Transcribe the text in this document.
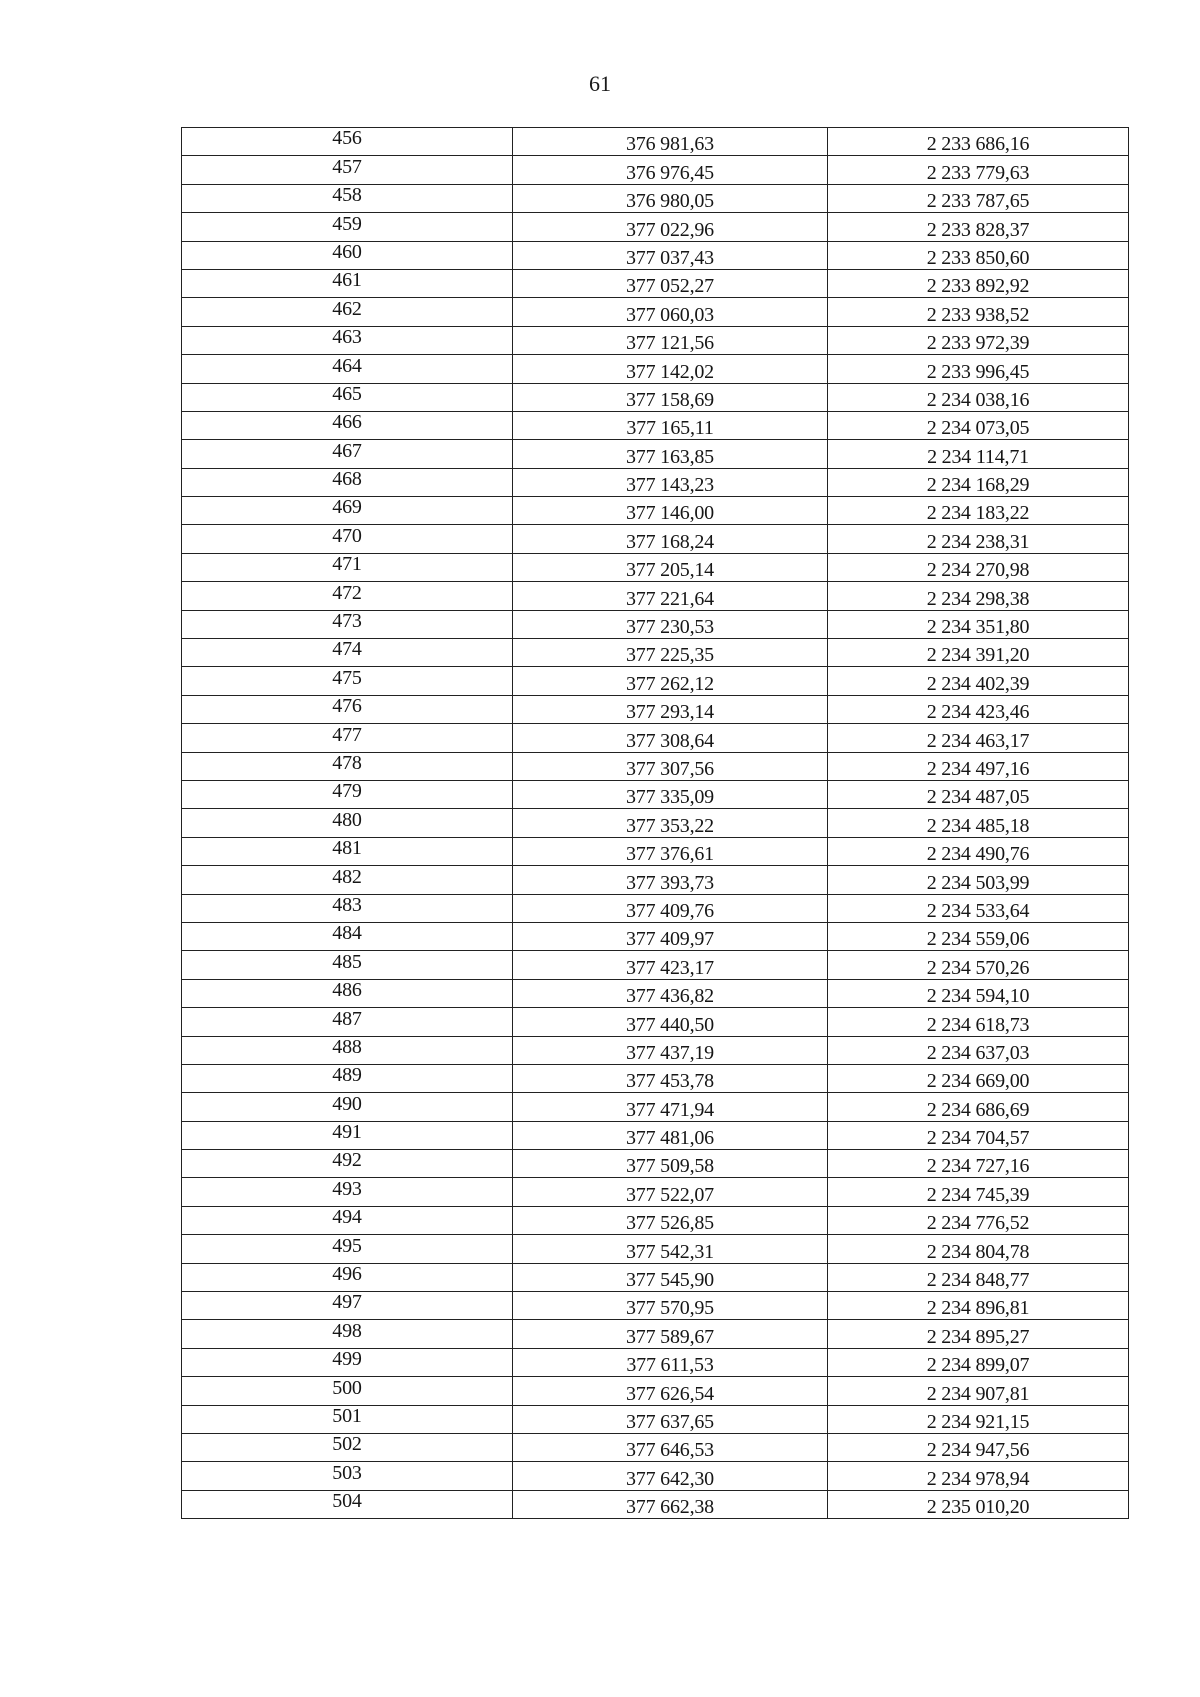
61
456	376 981,63	2 233 686,16
457	376 976,45	2 233 779,63
458	376 980,05	2 233 787,65
459	377 022,96	2 233 828,37
460	377 037,43	2 233 850,60
461	377 052,27	2 233 892,92
462	377 060,03	2 233 938,52
463	377 121,56	2 233 972,39
464	377 142,02	2 233 996,45
465	377 158,69	2 234 038,16
466	377 165,11	2 234 073,05
467	377 163,85	2 234 114,71
468	377 143,23	2 234 168,29
469	377 146,00	2 234 183,22
470	377 168,24	2 234 238,31
471	377 205,14	2 234 270,98
472	377 221,64	2 234 298,38
473	377 230,53	2 234 351,80
474	377 225,35	2 234 391,20
475	377 262,12	2 234 402,39
476	377 293,14	2 234 423,46
477	377 308,64	2 234 463,17
478	377 307,56	2 234 497,16
479	377 335,09	2 234 487,05
480	377 353,22	2 234 485,18
481	377 376,61	2 234 490,76
482	377 393,73	2 234 503,99
483	377 409,76	2 234 533,64
484	377 409,97	2 234 559,06
485	377 423,17	2 234 570,26
486	377 436,82	2 234 594,10
487	377 440,50	2 234 618,73
488	377 437,19	2 234 637,03
489	377 453,78	2 234 669,00
490	377 471,94	2 234 686,69
491	377 481,06	2 234 704,57
492	377 509,58	2 234 727,16
493	377 522,07	2 234 745,39
494	377 526,85	2 234 776,52
495	377 542,31	2 234 804,78
496	377 545,90	2 234 848,77
497	377 570,95	2 234 896,81
498	377 589,67	2 234 895,27
499	377 611,53	2 234 899,07
500	377 626,54	2 234 907,81
501	377 637,65	2 234 921,15
502	377 646,53	2 234 947,56
503	377 642,30	2 234 978,94
504	377 662,38	2 235 010,20
